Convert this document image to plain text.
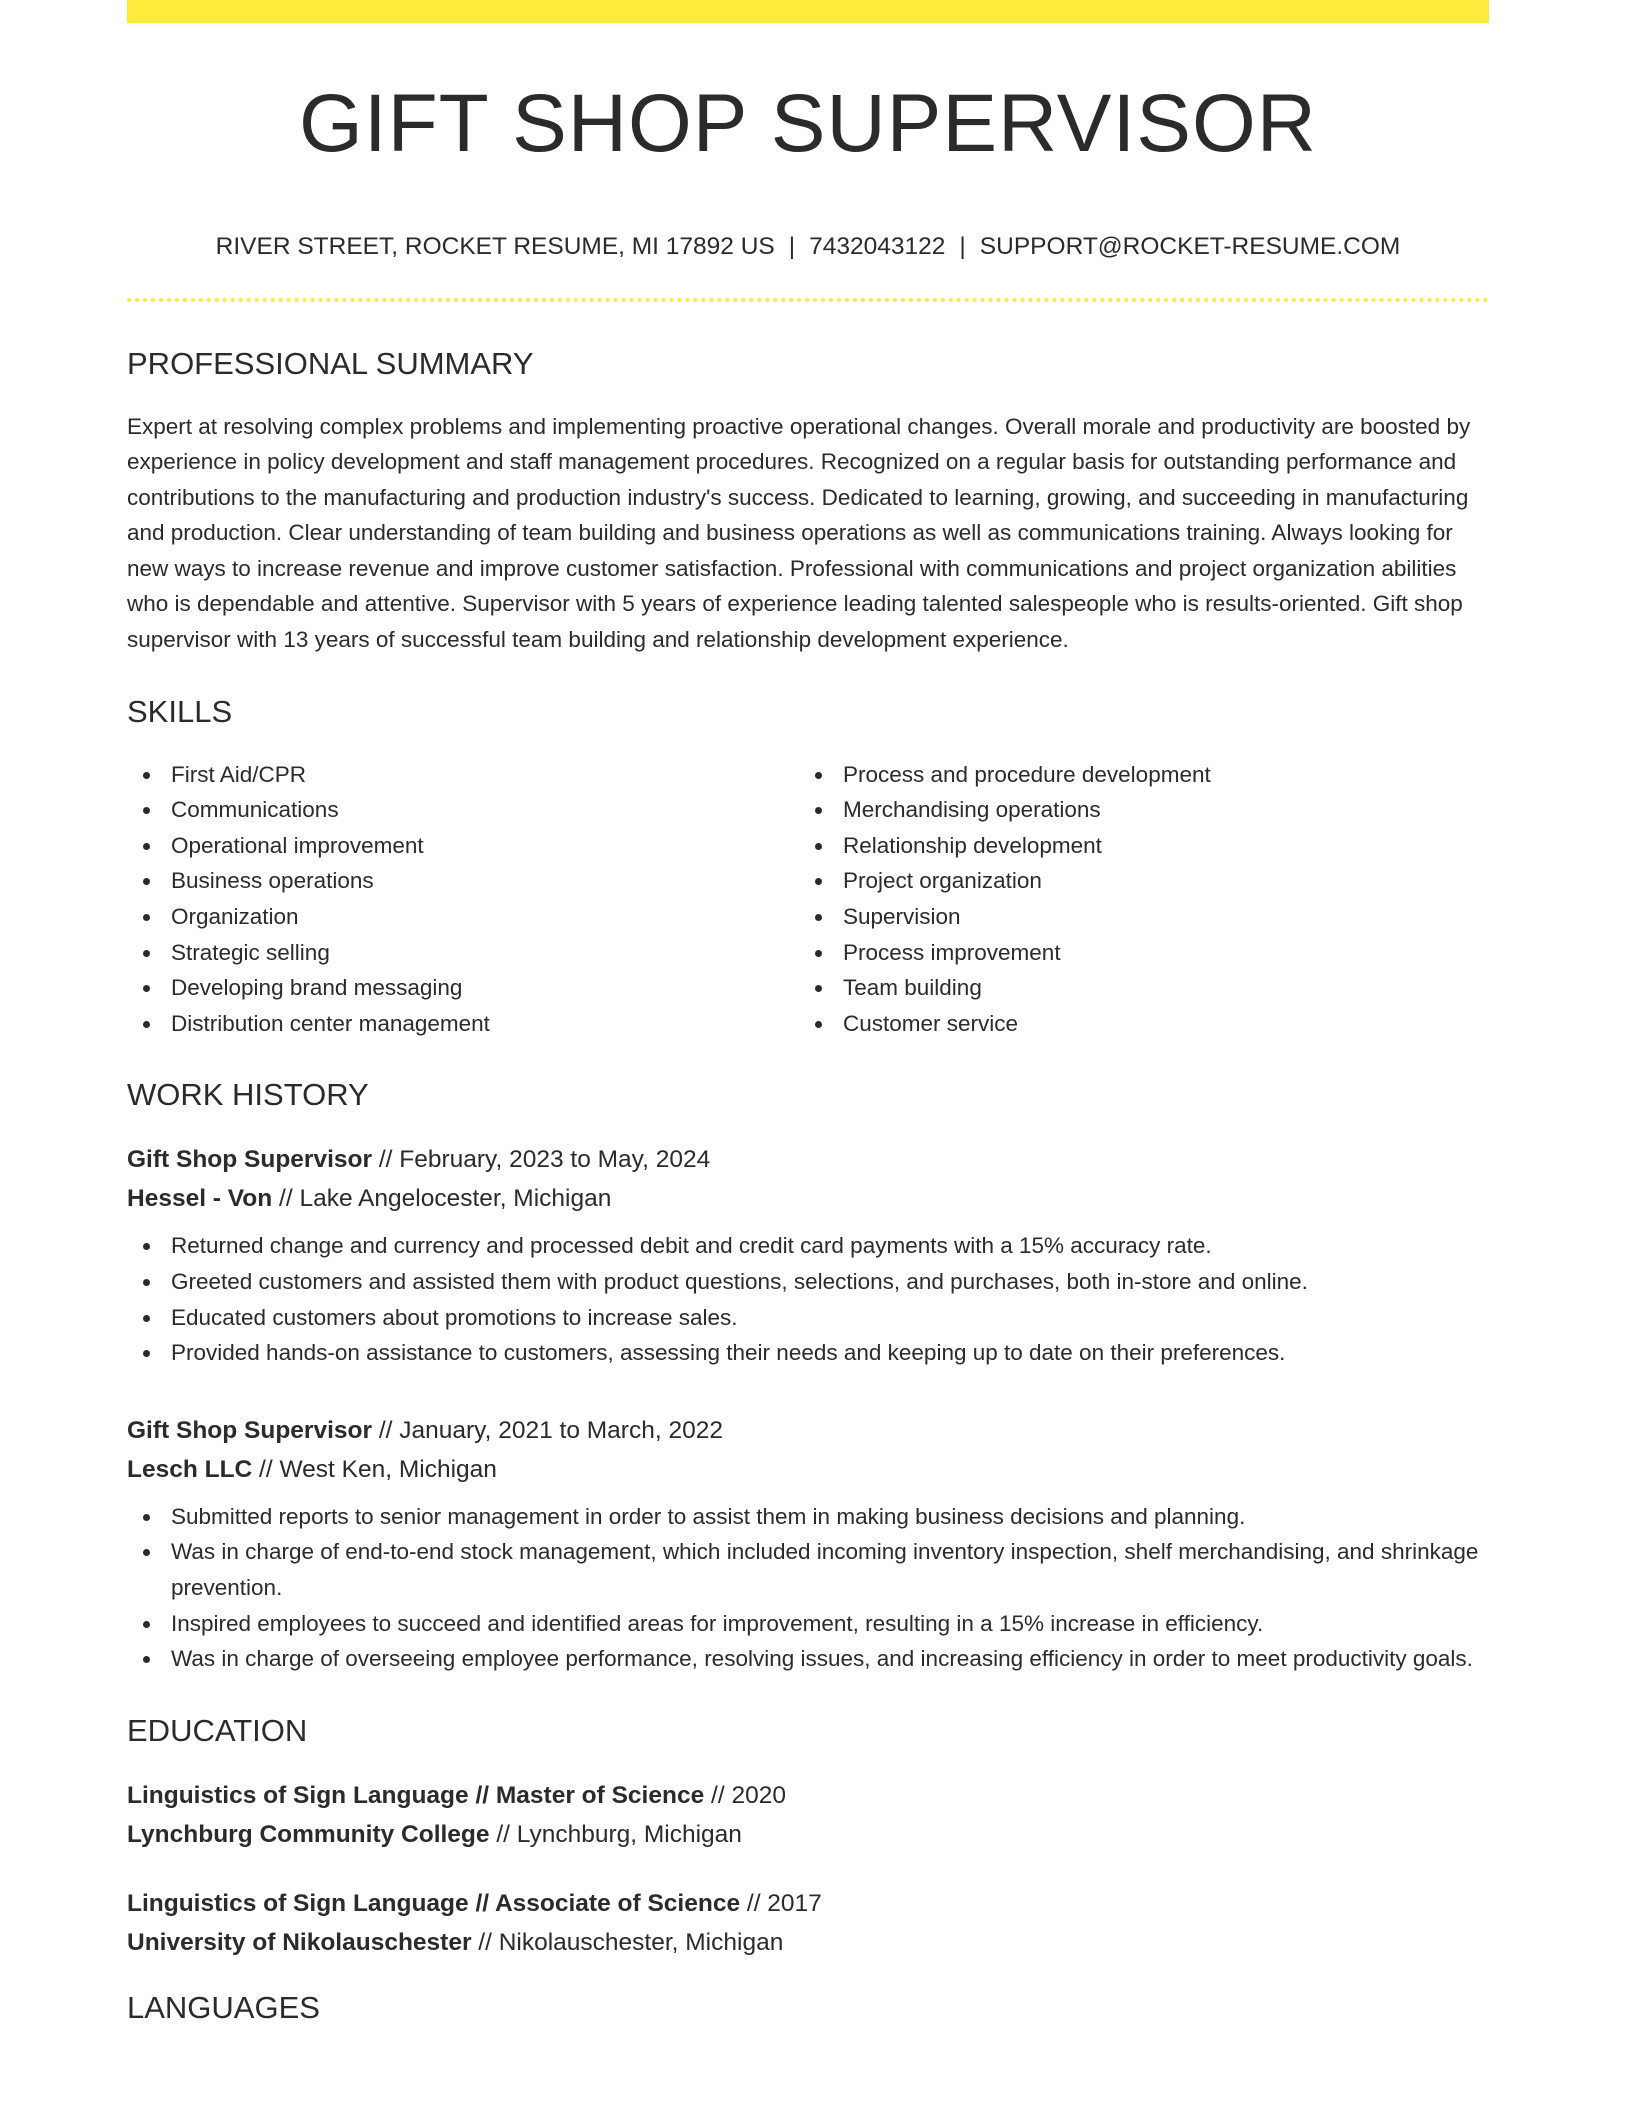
GIFT SHOP SUPERVISOR
RIVER STREET, ROCKET RESUME, MI 17892 US | 7432043122 | SUPPORT@ROCKET-RESUME.COM
PROFESSIONAL SUMMARY
Expert at resolving complex problems and implementing proactive operational changes. Overall morale and productivity are boosted by experience in policy development and staff management procedures. Recognized on a regular basis for outstanding performance and contributions to the manufacturing and production industry's success. Dedicated to learning, growing, and succeeding in manufacturing and production. Clear understanding of team building and business operations as well as communications training. Always looking for new ways to increase revenue and improve customer satisfaction. Professional with communications and project organization abilities who is dependable and attentive. Supervisor with 5 years of experience leading talented salespeople who is results-oriented. Gift shop supervisor with 13 years of successful team building and relationship development experience.
SKILLS
First Aid/CPR
Communications
Operational improvement
Business operations
Organization
Strategic selling
Developing brand messaging
Distribution center management
Process and procedure development
Merchandising operations
Relationship development
Project organization
Supervision
Process improvement
Team building
Customer service
WORK HISTORY
Gift Shop Supervisor // February, 2023 to May, 2024
Hessel - Von // Lake Angelocester, Michigan
Returned change and currency and processed debit and credit card payments with a 15% accuracy rate.
Greeted customers and assisted them with product questions, selections, and purchases, both in-store and online.
Educated customers about promotions to increase sales.
Provided hands-on assistance to customers, assessing their needs and keeping up to date on their preferences.
Gift Shop Supervisor // January, 2021 to March, 2022
Lesch LLC // West Ken, Michigan
Submitted reports to senior management in order to assist them in making business decisions and planning.
Was in charge of end-to-end stock management, which included incoming inventory inspection, shelf merchandising, and shrinkage prevention.
Inspired employees to succeed and identified areas for improvement, resulting in a 15% increase in efficiency.
Was in charge of overseeing employee performance, resolving issues, and increasing efficiency in order to meet productivity goals.
EDUCATION
Linguistics of Sign Language // Master of Science // 2020
Lynchburg Community College // Lynchburg, Michigan
Linguistics of Sign Language // Associate of Science // 2017
University of Nikolauschester // Nikolauschester, Michigan
LANGUAGES
